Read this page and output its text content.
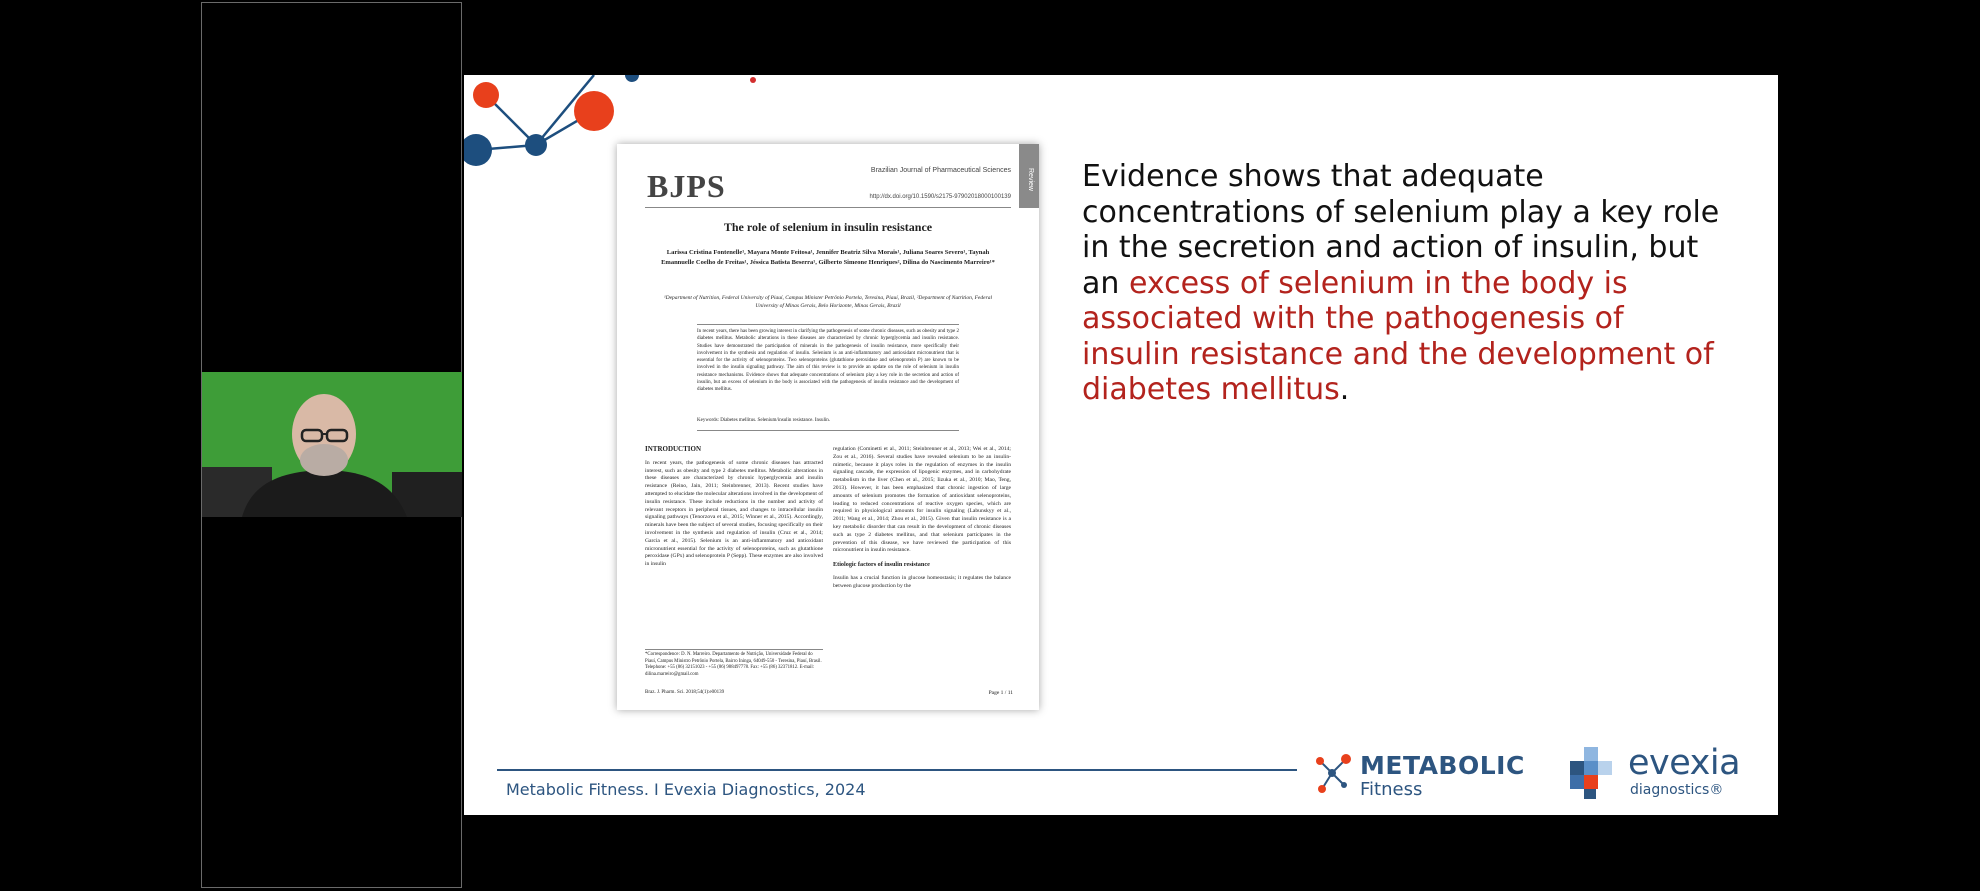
BJPS	Brazilian Journal of Pharmaceutical Sciences
http://dx.doi.org/10.1590/s2175-97902018000100139
Review
The role of selenium in insulin resistance
Larissa Cristina Fontenelle¹, Mayara Monte Feitosa¹, Jennifer Beatriz Silva Morais¹, Juliana Soares Severo¹, Taynah Emannuelle Coelho de Freitas¹, Jéssica Batista Beserra¹, Gilberto Simeone Henriques², Dilina do Nascimento Marreiro¹*
¹Department of Nutrition, Federal University of Piauí, Campus Minister Petrônio Portela, Teresina, Piauí, Brazil, ²Department of Nutrition, Federal University of Minas Gerais, Belo Horizonte, Minas Gerais, Brazil
In recent years, there has been growing interest in clarifying the pathogenesis of some chronic diseases, such as obesity and type 2 diabetes mellitus. Metabolic alterations in these diseases are characterized by chronic hyperglycemia and insulin resistance. Studies have demonstrated the participation of minerals in the pathogenesis of insulin resistance, more specifically their involvement in the synthesis and regulation of insulin. Selenium is an anti-inflammatory and antioxidant micronutrient that is essential for the activity of selenoproteins. Two selenoproteins (glutathione peroxidase and selenoprotein P) are known to be involved in the insulin signaling pathway. The aim of this review is to provide an update on the role of selenium in insulin resistance mechanisms. Evidence shows that adequate concentrations of selenium play a key role in the secretion and action of insulin, but an excess of selenium in the body is associated with the pathogenesis of insulin resistance and the development of diabetes mellitus.
Keywords: Diabetes mellitus. Selenium/insulin resistance. Insulin.
INTRODUCTION
In recent years, the pathogenesis of some chronic diseases has attracted interest, such as obesity and type 2 diabetes mellitus. Metabolic alterations in these diseases are characterized by chronic hyperglycemia and insulin resistance (Reino, Jain, 2011; Steinbrenner, 2013). Recent studies have attempted to elucidate the molecular alterations involved in the development of insulin resistance. These include reductions in the number and activity of relevant receptors in peripheral tissues, and changes to intracellular insulin signaling pathways (Tenorzova et al., 2015; Winner et al., 2015). Accordingly, minerals have been the subject of several studies, focusing specifically on their involvement in the synthesis and regulation of insulin (Cruz et al., 2014; Garcia et al., 2015). Selenium is an anti-inflammatory and antioxidant micronutrient essential for the activity of selenoproteins, such as glutathione peroxidase (GPx) and selenoprotein P (Sepp). These enzymes are also involved in insulin
regulation (Cominetti et al., 2011; Steinbrenner et al., 2013; Wei et al., 2014; Zou et al., 2016). Several studies have revealed selenium to be an insulin-mimetic, because it plays roles in the regulation of enzymes in the insulin signaling cascade, the expression of lipogenic enzymes, and in carbohydrate metabolism in the liver (Chen et al., 2015; Iizuka et al., 2010; Mao, Teng, 2013). However, it has been emphasized that chronic ingestion of large amounts of selenium promotes the formation of antioxidant selenoproteins, leading to reduced concentrations of reactive oxygen species, which are required in physiological amounts for insulin signaling (Labunskyy et al., 2011; Wang et al., 2014; Zhou et al., 2015). Given that insulin resistance is a key metabolic disorder that can result in the development of chronic diseases such as type 2 diabetes mellitus, and that selenium participates in the prevention of this disease, we have reviewed the participation of this micronutrient in insulin resistance.
Etiologic factors of insulin resistance
Insulin has a crucial function in glucose homeostasis; it regulates the balance between glucose production by the
*Correspondence: D. N. Marreiro. Departamento de Nutrição, Universidade Federal do Piauí, Campus Ministro Petrônio Portela, Bairro Ininga, 64049-550 - Teresina, Piauí, Brasil. Telephone: +55 (86) 32151023 - +55 (86) 988497778. Fax: +55 (86) 32371812. E-mail: dilina.marreiro@gmail.com
Braz. J. Pharm. Sci. 2018;54(1):e00139	Page 1 / 11
Evidence shows that adequate concentrations of selenium play a key role in the secretion and action of insulin, but an excess of selenium in the body is associated with the pathogenesis of insulin resistance and the development of diabetes mellitus.
Metabolic Fitness. I Evexia Diagnostics, 2024
METABOLIC
Fitness
evexia
diagnostics®
